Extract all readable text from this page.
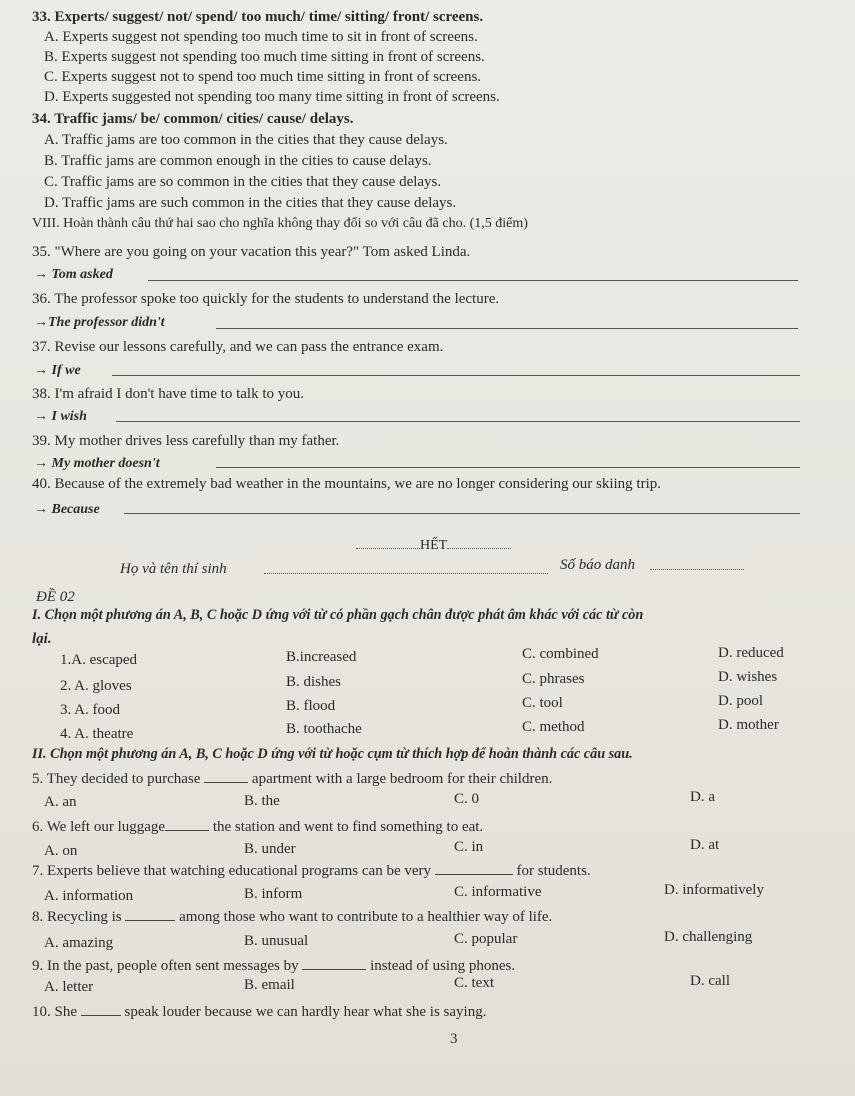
33. Experts/ suggest/ not/ spend/ too much/ time/ sitting/ front/ screens.
A. Experts suggest not spending too much time to sit in front of screens.
B. Experts suggest not spending too much time sitting in front of screens.
C. Experts suggest not to spend too much time sitting in front of screens.
D. Experts suggested not spending too many time sitting in front of screens.
34. Traffic jams/ be/ common/ cities/ cause/ delays.
A. Traffic jams are too common in the cities that they cause delays.
B. Traffic jams are common enough in the cities to cause delays.
C. Traffic jams are so common in the cities that they cause delays.
D. Traffic jams are such common in the cities that they cause delays.
VIII. Hoàn thành câu thứ hai sao cho nghĩa không thay đổi so với câu đã cho. (1,5 điểm)
35. "Where are you going on your vacation this year?" Tom asked Linda.
→ Tom asked
36. The professor spoke too quickly for the students to understand the lecture.
→The professor didn't
37. Revise our lessons carefully, and we can pass the entrance exam.
→ If we
38. I'm afraid I don't have time to talk to you.
→ I wish
39. My mother drives less carefully than my father.
→ My mother doesn't
40. Because of the extremely bad weather in the mountains, we are no longer considering our skiing trip.
→ Because
HẾT
Họ và tên thí sinh	Số báo danh
ĐỀ 02
I. Chọn một phương án A, B, C hoặc D ứng với từ có phần gạch chân được phát âm khác với các từ còn
lại.
1.A. escaped	B.increased	C. combined	D. reduced
2. A. gloves	B. dishes	C. phrases	D. wishes
3. A. food	B. flood	C. tool	D. pool
4. A. theatre	B. toothache	C. method	D. mother
II. Chọn một phương án A, B, C hoặc D ứng với từ hoặc cụm từ thích hợp để hoàn thành các câu sau.
5. They decided to purchase	apartment with a large bedroom for their children.
A. an	B. the	C. 0	D. a
6. We left our luggage	the station and went to find something to eat.
A. on	B. under	C. in	D. at
7. Experts believe that watching educational programs can be very	for students.
A. information	B. inform	C. informative	D. informatively
8. Recycling is	among those who want to contribute to a healthier way of life.
A. amazing	B. unusual	C. popular	D. challenging
9. In the past, people often sent messages by	instead of using phones.
A. letter	B. email	C. text	D. call
10. She	speak louder because we can hardly hear what she is saying.
3
